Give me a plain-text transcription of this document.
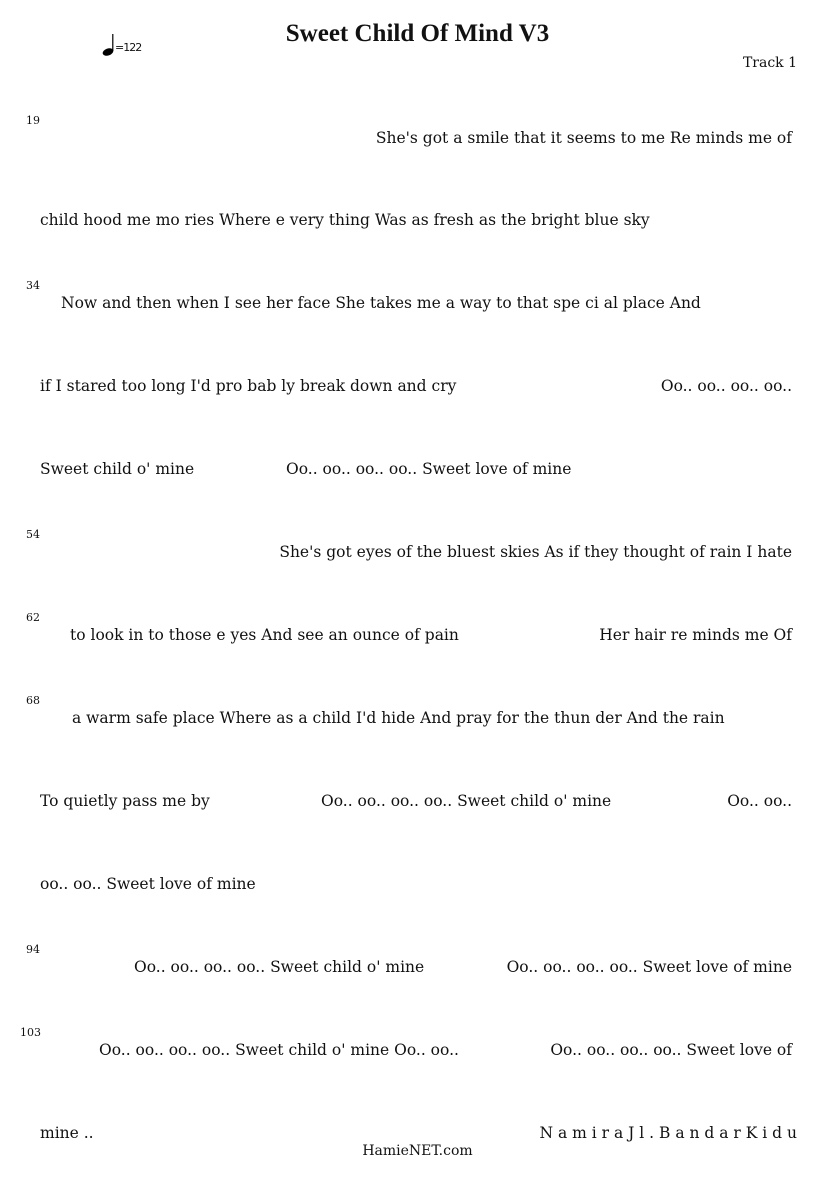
Sweet Child Of Mind V3
=122
Track 1
19
She's got a smile that it seems to me Re minds me of
child hood me mo ries Where e very thing Was as fresh as the bright blue sky
34
Now and then when I see her face She takes me a way to that spe ci al place And
if I stared too long I'd pro bab ly break down and cry	Oo.. oo.. oo.. oo..
Sweet child o' mine	Oo.. oo.. oo.. oo.. Sweet love of mine
54
She's got eyes of the bluest skies As if they thought of rain I hate
62
to look in to those e yes And see an ounce of pain	Her hair re minds me Of
68
a warm safe place Where as a child I'd hide And pray for the thun der And the rain
To quietly pass me by	Oo.. oo.. oo.. oo.. Sweet child o' mine	Oo.. oo..
oo.. oo.. Sweet love of mine
94
Oo.. oo.. oo.. oo.. Sweet child o' mine	Oo.. oo.. oo.. oo.. Sweet love of mine
103
Oo.. oo.. oo.. oo.. Sweet child o' mine Oo.. oo..	Oo.. oo.. oo.. oo.. Sweet love of
mine ..	N a m i r a J l . B a n d a r K i d u
HamieNET.com
